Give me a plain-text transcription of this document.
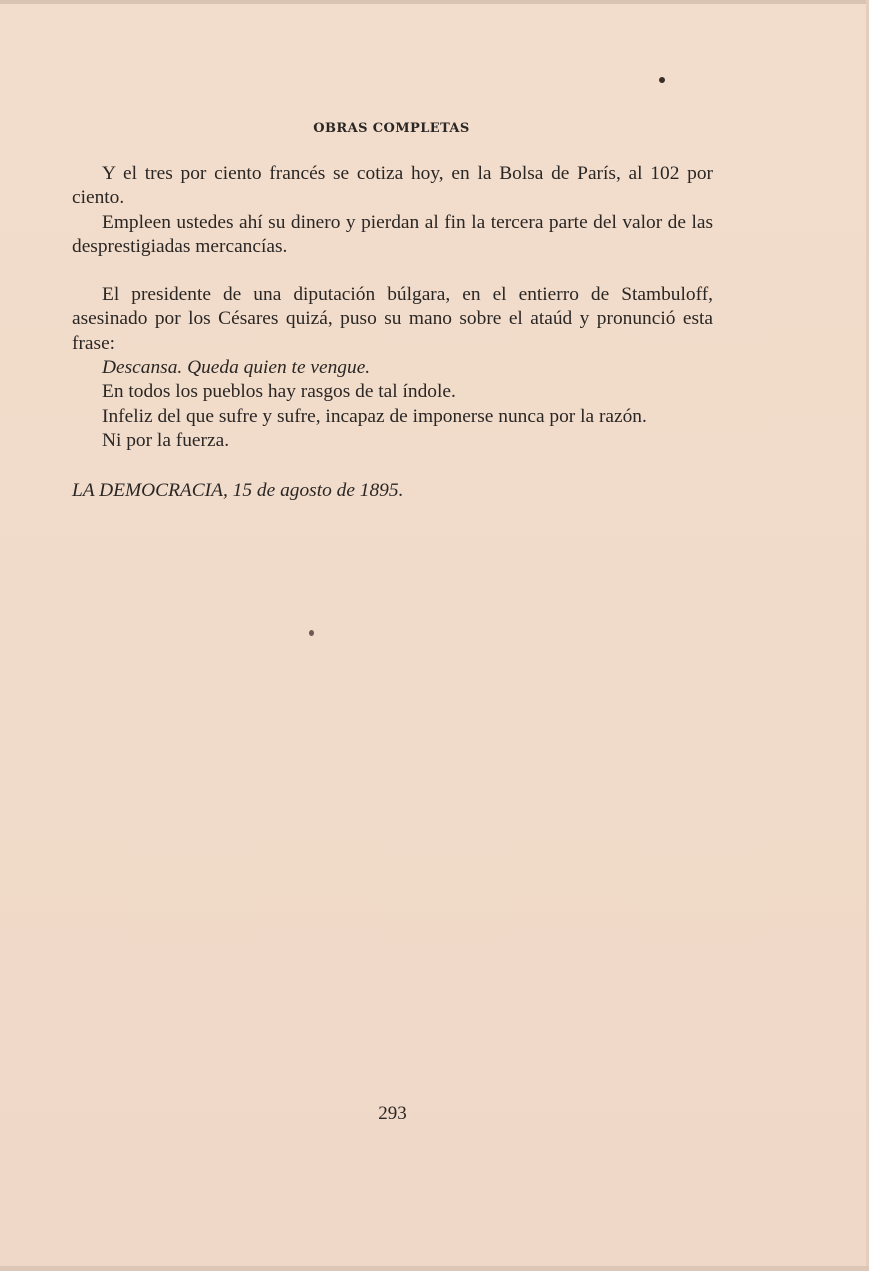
OBRAS COMPLETAS

Y el tres por ciento francés se cotiza hoy, en la Bolsa de París, al 102 por ciento.

Empleen ustedes ahí su dinero y pierdan al fin la tercera parte del valor de las desprestigiadas mercancías.

El presidente de una diputación búlgara, en el entierro de Stambuloff, asesinado por los Césares quizá, puso su mano sobre el ataúd y pronunció esta frase:

Descansa. Queda quien te vengue.

En todos los pueblos hay rasgos de tal índole.

Infeliz del que sufre y sufre, incapaz de imponerse nunca por la razón.

Ni por la fuerza.

LA DEMOCRACIA, 15 de agosto de 1895.
293
